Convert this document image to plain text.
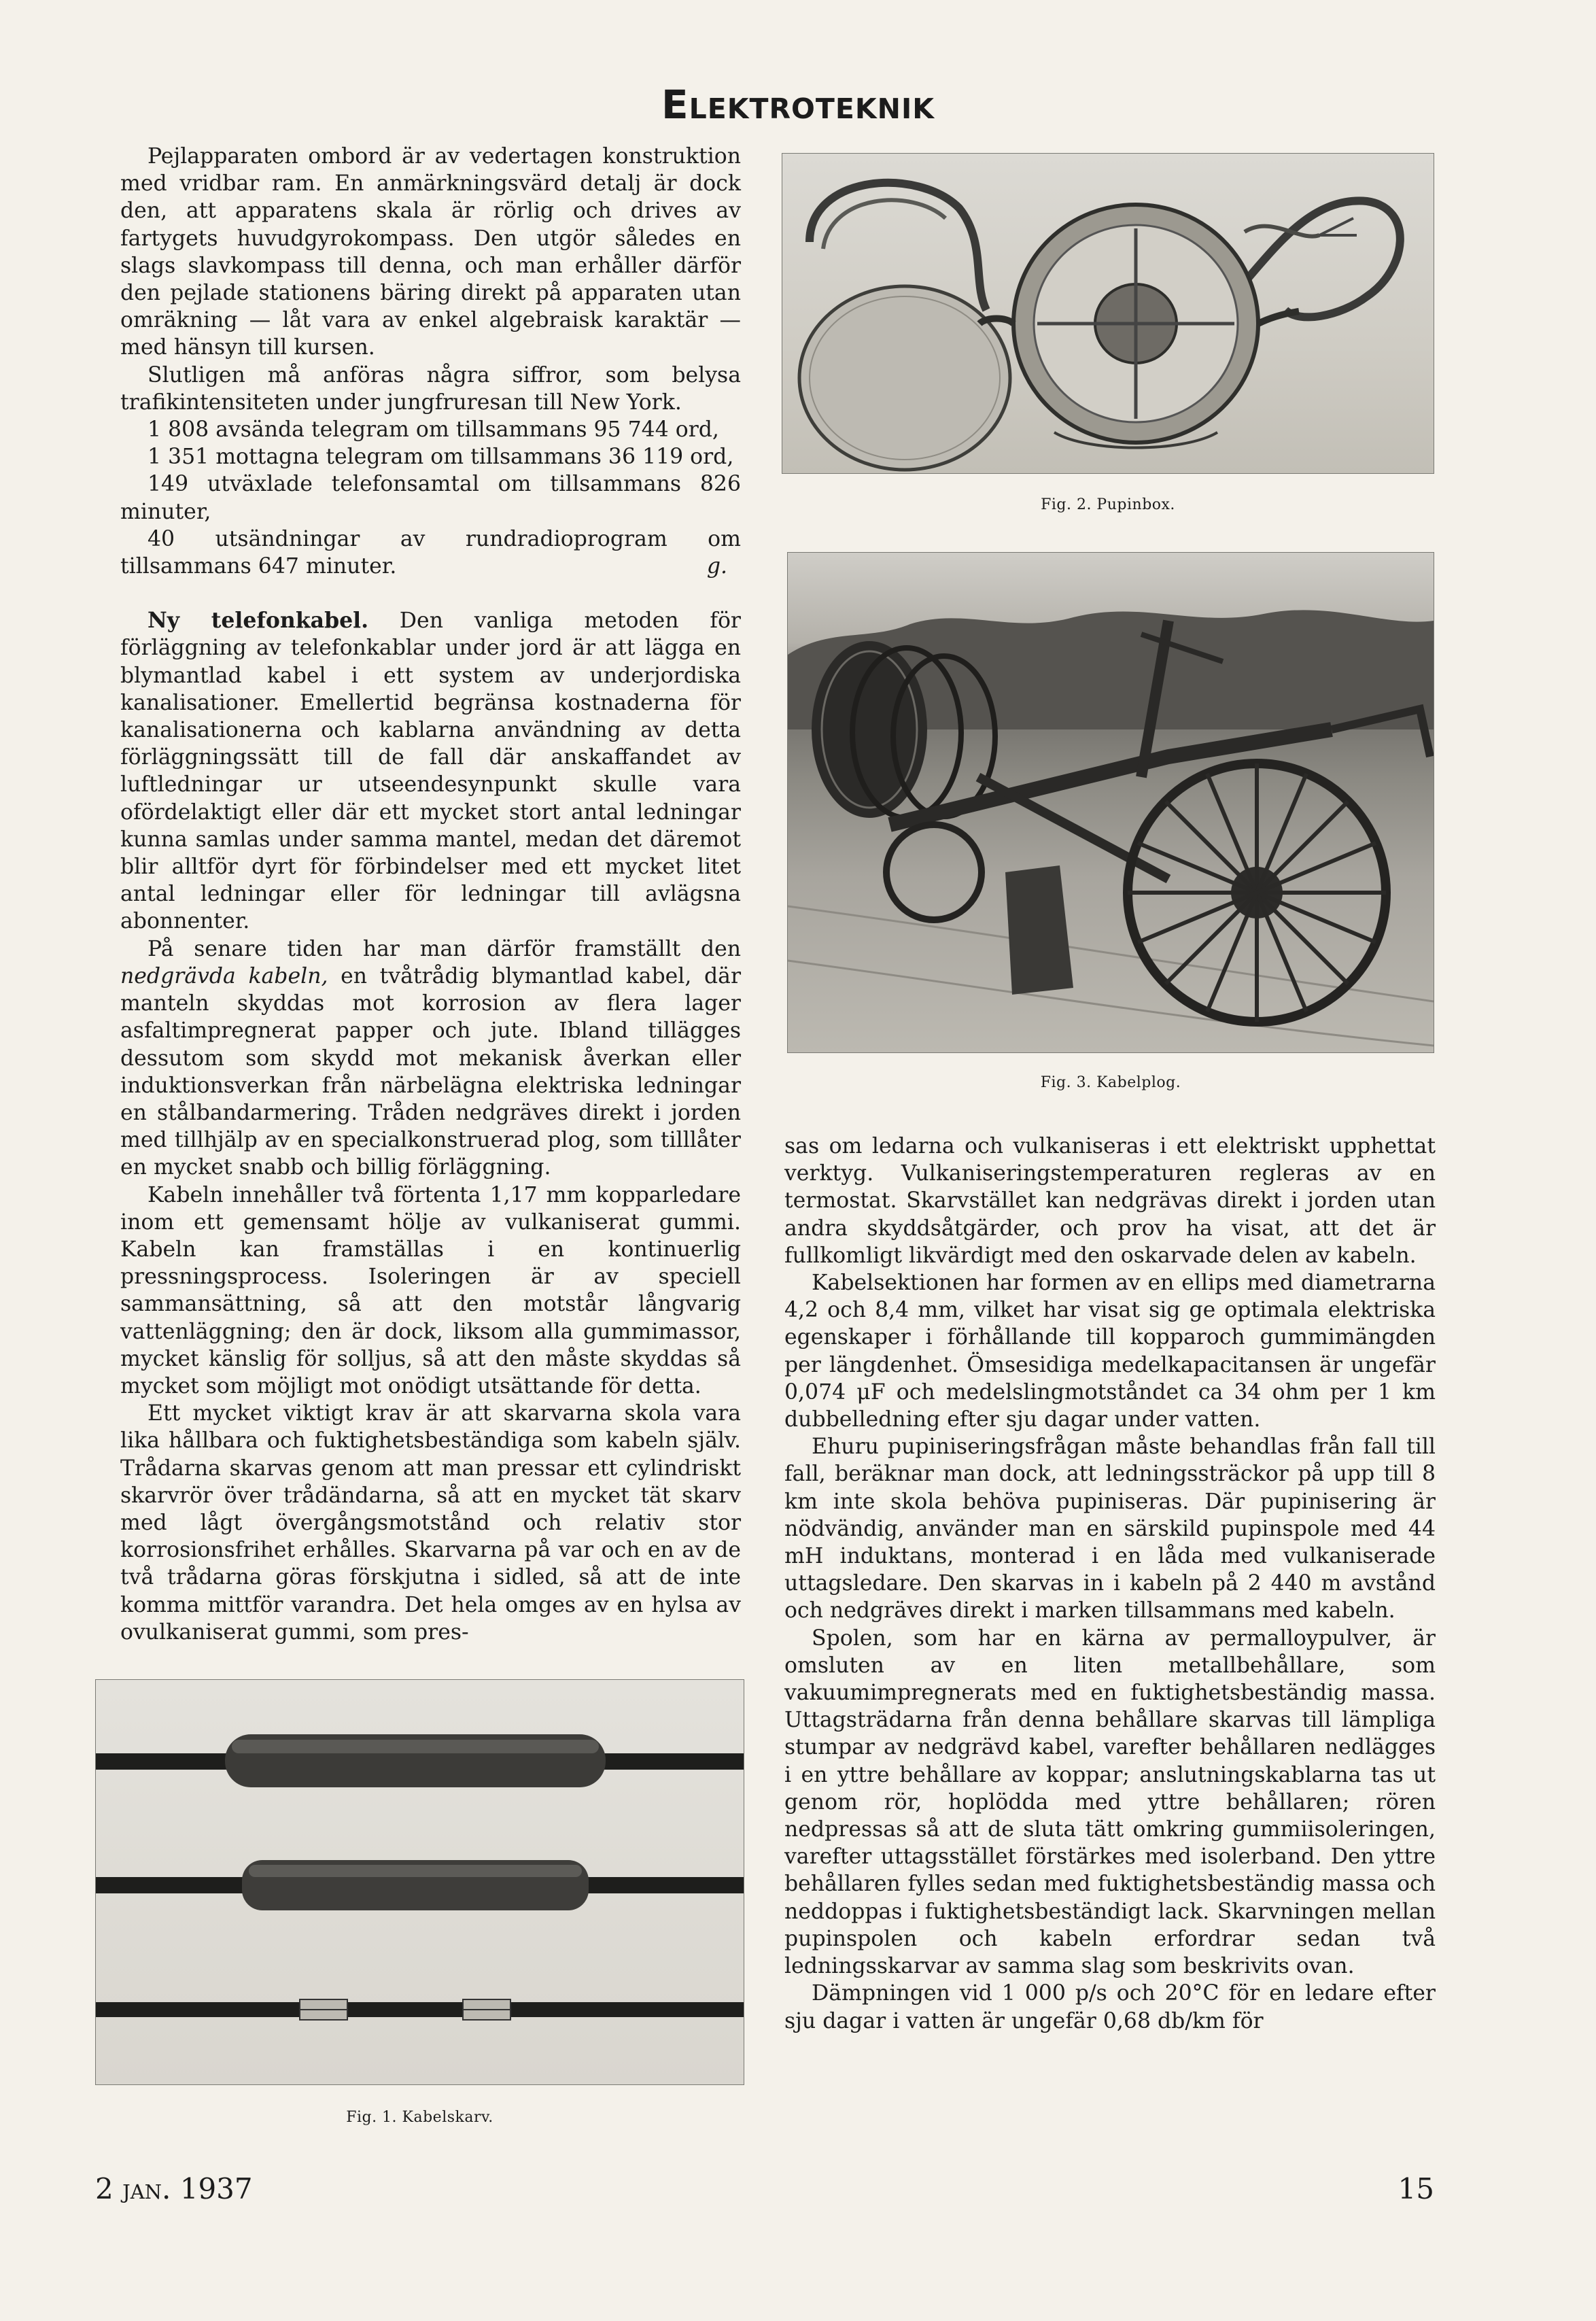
Elektroteknik

Pejlapparaten ombord är av vedertagen konstruktion med vridbar ram. En anmärkningsvärd detalj är dock den, att apparatens skala är rörlig och drives av fartygets huvudgyrokompass. Den utgör således en slags slavkompass till denna, och man erhåller därför den pejlade stationens bäring direkt på apparaten utan omräkning — låt vara av enkel algebraisk karaktär — med hänsyn till kursen.

Slutligen må anföras några siffror, som belysa trafikintensiteten under jungfruresan till New York.

1 808 avsända telegram om tillsammans 95 744 ord,

1 351 mottagna telegram om tillsammans 36 119 ord,

149 utväxlade telefonsamtal om tillsammans 826 minuter,

40 utsändningar av rundradioprogram om tillsammans 647 minuter.	g.

Ny telefonkabel. Den vanliga metoden för förläggning av telefonkablar under jord är att lägga en blymantlad kabel i ett system av underjordiska kanalisationer. Emellertid begränsa kostnaderna för kanalisationerna och kablarna användning av detta förläggningssätt till de fall där anskaffandet av luftledningar ur utseendesynpunkt skulle vara ofördelaktigt eller där ett mycket stort antal ledningar kunna samlas under samma mantel, medan det däremot blir alltför dyrt för förbindelser med ett mycket litet antal ledningar eller för ledningar till avlägsna abonnenter.

På senare tiden har man därför framställt den nedgrävda kabeln, en tvåtrådig blymantlad kabel, där manteln skyddas mot korrosion av flera lager asfaltimpregnerat papper och jute. Ibland tillägges dessutom som skydd mot mekanisk åverkan eller induktionsverkan från närbelägna elektriska ledningar en stålbandarmering. Tråden nedgräves direkt i jorden med tillhjälp av en specialkonstruerad plog, som tilllåter en mycket snabb och billig förläggning.

Kabeln innehåller två förtenta 1,17 mm kopparledare inom ett gemensamt hölje av vulkaniserat gummi. Kabeln kan framställas i en kontinuerlig pressningsprocess. Isoleringen är av speciell sammansättning, så att den motstår långvarig vattenläggning; den är dock, liksom alla gummimassor, mycket känslig för solljus, så att den måste skyddas så mycket som möjligt mot onödigt utsättande för detta.

Ett mycket viktigt krav är att skarvarna skola vara lika hållbara och fuktighetsbeständiga som kabeln själv. Trådarna skarvas genom att man pressar ett cylindriskt skarvrör över trådändarna, så att en mycket tät skarv med lågt övergångsmotstånd och relativ stor korrosionsfrihet erhålles. Skarvarna på var och en av de två trådarna göras förskjutna i sidled, så att de inte komma mittför varandra. Det hela omges av en hylsa av ovulkaniserat gummi, som pres-

sas om ledarna och vulkaniseras i ett elektriskt upphettat verktyg. Vulkaniseringstemperaturen regleras av en termostat. Skarvstället kan nedgrävas direkt i jorden utan andra skyddsåtgärder, och prov ha visat, att det är fullkomligt likvärdigt med den oskarvade delen av kabeln.

Kabelsektionen har formen av en ellips med diametrarna 4,2 och 8,4 mm, vilket har visat sig ge optimala elektriska egenskaper i förhållande till kopparoch gummimängden per längdenhet. Ömsesidiga medelkapacitansen är ungefär 0,074 μF och medelslingmotståndet ca 34 ohm per 1 km dubbelledning efter sju dagar under vatten.

Ehuru pupiniseringsfrågan måste behandlas från fall till fall, beräknar man dock, att ledningssträckor på upp till 8 km inte skola behöva pupiniseras. Där pupinisering är nödvändig, använder man en särskild pupinspole med 44 mH induktans, monterad i en låda med vulkaniserade uttagsledare. Den skarvas in i kabeln på 2 440 m avstånd och nedgräves direkt i marken tillsammans med kabeln.

Spolen, som har en kärna av permalloypulver, är omsluten av en liten metallbehållare, som vakuumimpregnerats med en fuktighetsbeständig massa. Uttagsträdarna från denna behållare skarvas till lämpliga stumpar av nedgrävd kabel, varefter behållaren nedlägges i en yttre behållare av koppar; anslutningskablarna tas ut genom rör, hoplödda med yttre behållaren; rören nedpressas så att de sluta tätt omkring gummiisoleringen, varefter uttagsstället förstärkes med isolerband. Den yttre behållaren fylles sedan med fuktighetsbeständig massa och neddoppas i fuktighetsbeständigt lack. Skarvningen mellan pupinspolen och kabeln erfordrar sedan två ledningsskarvar av samma slag som beskrivits ovan.

Dämpningen vid 1 000 p/s och 20°C för en ledare efter sju dagar i vatten är ungefär 0,68 db/km för

Fig. 2. Pupinbox.
Fig. 3. Kabelplog.
Fig. 1. Kabelskarv.
2 jan. 1937	15
